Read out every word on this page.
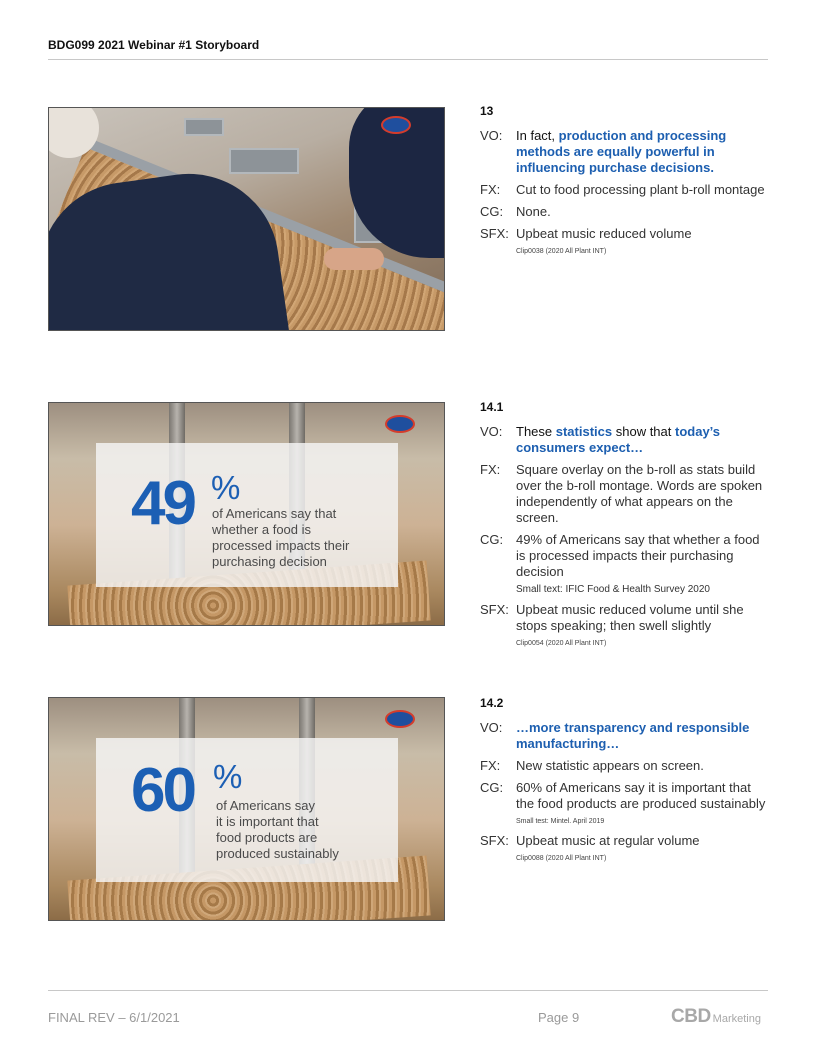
BDG099 2021 Webinar #1 Storyboard
13
VO:	In fact, production and processing methods are equally powerful in influencing purchase decisions.
FX:	Cut to food processing plant b-roll montage
CG: None.
SFX: Upbeat music reduced volume
Clip0038 (2020 All Plant INT)
49 %
of Americans say that
whether a food is
processed impacts their
purchasing decision
14.1
VO:	These statistics show that today’s consumers expect…
FX:	Square overlay on the b-roll as stats build over the b-roll montage. Words are spoken independently of what appears on the screen.
CG: 49% of Americans say that whether a food is processed impacts their purchasing decision
Small text: IFIC Food & Health Survey 2020
SFX: Upbeat music reduced volume until she stops speaking; then swell slightly
Clip0054 (2020 All Plant INT)
60 %
of Americans say
it is important that
food products are
produced sustainably
14.2
VO:	…more transparency and responsible manufacturing…
FX:	New statistic appears on screen.
CG: 60% of Americans say it is important that the food products are produced sustainably
Small test: Mintel. April 2019
SFX: Upbeat music at regular volume
Clip0088 (2020 All Plant INT)
FINAL REV – 6/1/2021	Page 9	CBD Marketing
